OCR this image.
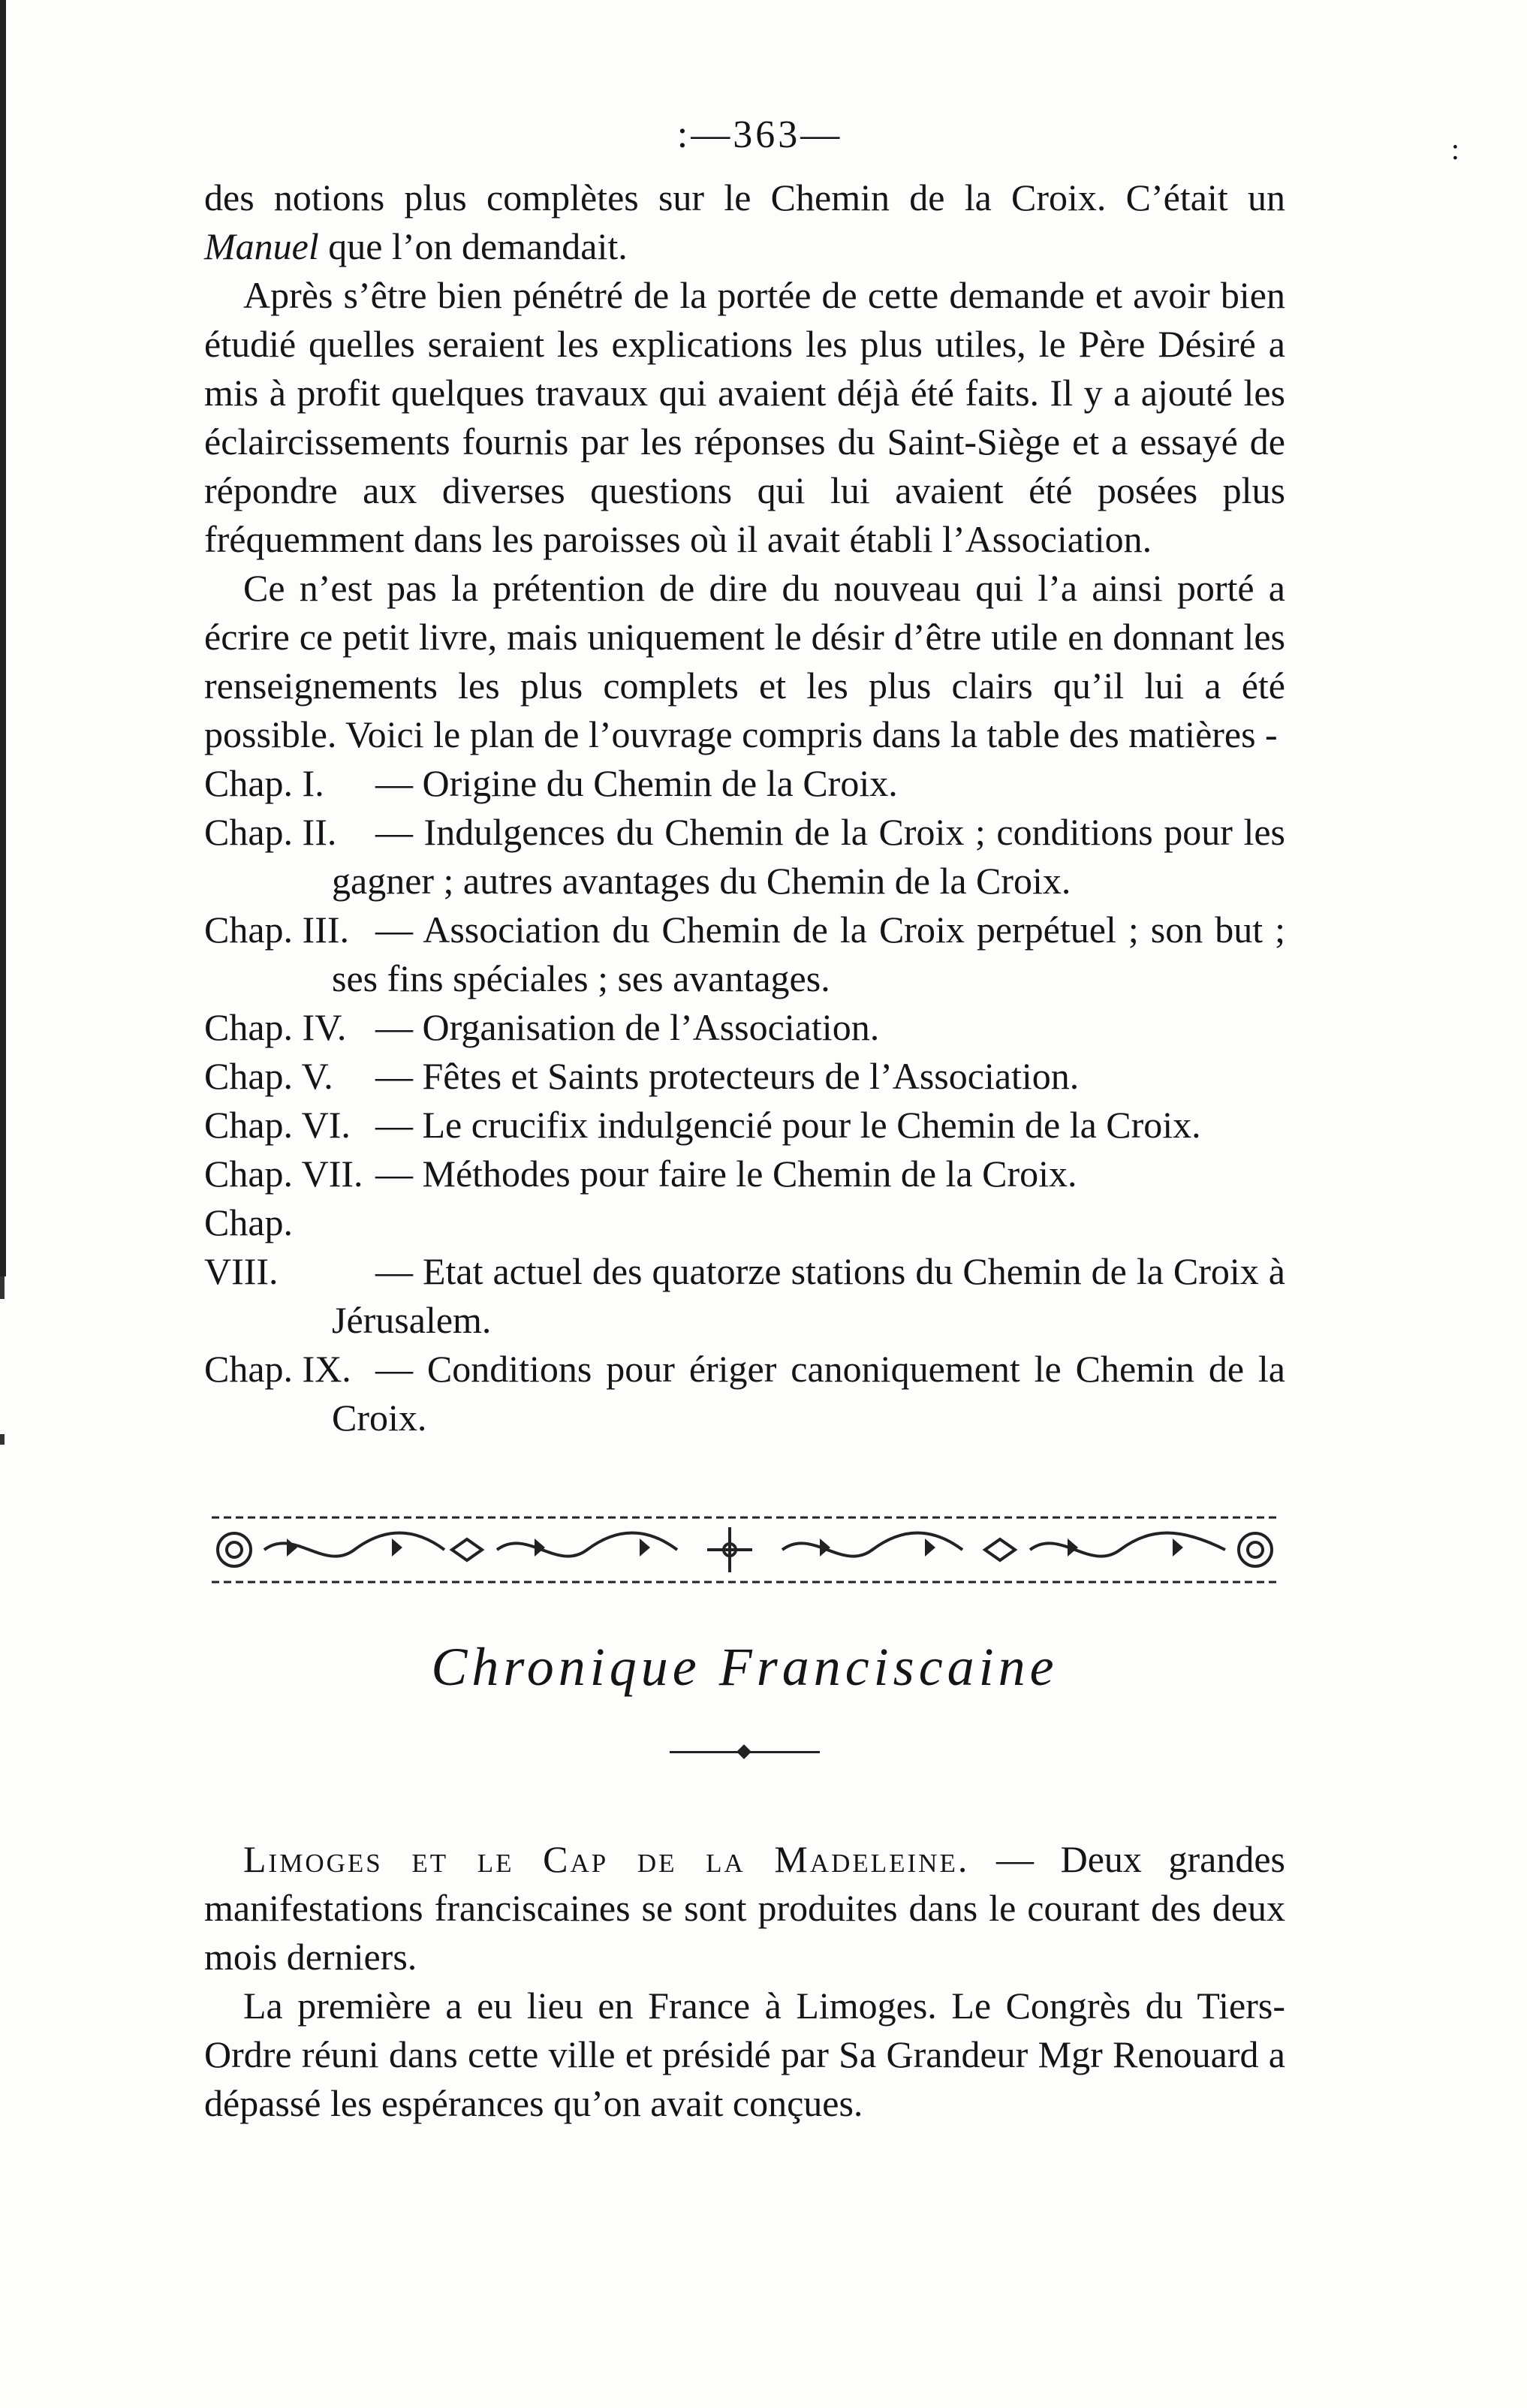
:
:—363—

des notions plus complètes sur le Chemin de la Croix. C’était un Manuel que l’on demandait.

Après s’être bien pénétré de la portée de cette demande et avoir bien étudié quelles seraient les explications les plus utiles, le Père Désiré a mis à profit quelques travaux qui avaient déjà été faits. Il y a ajouté les éclaircissements fournis par les réponses du Saint-Siège et a essayé de répondre aux diverses questions qui lui avaient été posées plus fréquemment dans les paroisses où il avait établi l’Association.

Ce n’est pas la prétention de dire du nouveau qui l’a ainsi porté a écrire ce petit livre, mais uniquement le désir d’être utile en donnant les renseignements les plus complets et les plus clairs qu’il lui a été possible. Voici le plan de l’ouvrage compris dans la table des matières -

Chap. I. — Origine du Chemin de la Croix.
Chap. II. — Indulgences du Chemin de la Croix ; conditions pour les gagner ; autres avantages du Chemin de la Croix.
Chap. III. — Association du Chemin de la Croix perpétuel ; son but ; ses fins spéciales ; ses avantages.
Chap. IV. — Organisation de l’Association.
Chap. V. — Fêtes et Saints protecteurs de l’Association.
Chap. VI. — Le crucifix indulgencié pour le Chemin de la Croix.
Chap. VII. — Méthodes pour faire le Chemin de la Croix.
Chap. VIII.	— Etat actuel des quatorze stations du Chemin de la Croix à Jérusalem.
Chap. IX. — Conditions pour ériger canoniquement le Chemin de la Croix.
Chronique Franciscaine

Limoges et le Cap de la Madeleine. — Deux grandes manifestations franciscaines se sont produites dans le courant des deux mois derniers.

La première a eu lieu en France à Limoges. Le Congrès du Tiers-Ordre réuni dans cette ville et présidé par Sa Grandeur Mgr Renouard a dépassé les espérances qu’on avait conçues.
